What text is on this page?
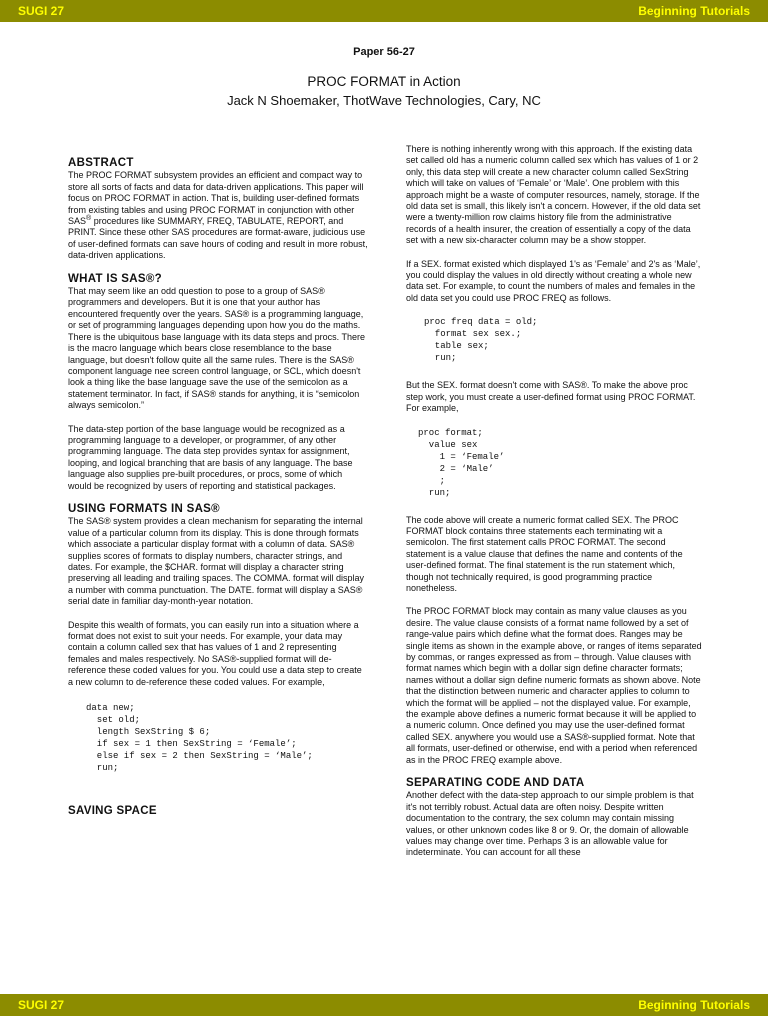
SUGI 27	Beginning Tutorials
Paper 56-27
PROC FORMAT in Action
Jack N Shoemaker, ThotWave Technologies, Cary, NC
ABSTRACT

The PROC FORMAT subsystem provides an efficient and compact way to store all sorts of facts and data for data-driven applications. This paper will focus on PROC FORMAT in action. That is, building user-defined formats from existing tables and using PROC FORMAT in conjunction with other SAS® procedures like SUMMARY, FREQ, TABULATE, REPORT, and PRINT. Since these other SAS procedures are format-aware, judicious use of user-defined formats can save hours of coding and result in more robust, data-driven applications.

WHAT IS SAS®?

That may seem like an odd question to pose to a group of SAS® programmers and developers. But it is one that your author has encountered frequently over the years. SAS® is a programming language, or set of programming languages depending upon how you do the maths. There is the ubiquitous base language with its data steps and procs. There is the macro language which bears close resemblance to the base language, but doesn't follow quite all the same rules. There is the SAS® component language nee screen control language, or SCL, which doesn't look a thing like the base language save the use of the semicolon as a statement terminator. In fact, if SAS® stands for anything, it is “semicolon always semicolon.”

The data-step portion of the base language would be recognized as a programming language to a developer, or programmer, of any other programming language. The data step provides syntax for assignment, looping, and logical branching that are basis of any language. The base language also supplies pre-built procedures, or procs, some of which would be recognized by users of reporting and statistical packages.

USING FORMATS IN SAS®

The SAS® system provides a clean mechanism for separating the internal value of a particular column from its display. This is done through formats which associate a particular display format with a column of data. SAS® supplies scores of formats to display numbers, character strings, and dates. For example, the $CHAR. format will display a character string preserving all leading and trailing spaces. The COMMA. format will display a number with comma punctuation. The DATE. format will display a SAS® serial date in familiar day-month-year notation.

Despite this wealth of formats, you can easily run into a situation where a format does not exist to suit your needs. For example, your data may contain a column called sex that has values of 1 and 2 representing females and males respectively. No SAS®-supplied format will de-reference these coded values for you. You could use a data step to create a new column to de-reference these coded values. For example,

data new;
set old;
length SexString $ 6;
if sex = 1 then SexString = ‘Female’;
else if sex = 2 then SexString = ‘Male’;
run;
SAVING SPACE

There is nothing inherently wrong with this approach. If the existing data set called old has a numeric column called sex which has values of 1 or 2 only, this data step will create a new character column called SexString which will take on values of ‘Female’ or ‘Male’. One problem with this approach might be a waste of computer resources, namely, storage. If the old data set is small, this likely isn't a concern. However, if the old data set were a twenty-million row claims history file from the administrative records of a health insurer, the creation of essentially a copy of the data set with a new six-character column may be a show stopper.

If a SEX. format existed which displayed 1's as ‘Female’ and 2's as ‘Male’, you could display the values in old directly without creating a whole new data set. For example, to count the numbers of males and females in the old data set you could use PROC FREQ as follows.

proc freq data = old;
format sex sex.;
table sex;
run;

But the SEX. format doesn't come with SAS®. To make the above proc step work, you must create a user-defined format using PROC FORMAT. For example,

proc format;
value sex
1 = ‘Female’
2 = ‘Male’
;
run;

The code above will create a numeric format called SEX. The PROC FORMAT block contains three statements each terminating wit a semicolon. The first statement calls PROC FORMAT. The second statement is a value clause that defines the name and contents of the user-defined format. The final statement is the run statement which, though not technically required, is good programming practice nonetheless.

The PROC FORMAT block may contain as many value clauses as you desire. The value clause consists of a format name followed by a set of range-value pairs which define what the format does. Ranges may be single items as shown in the example above, or ranges of items separated by commas, or ranges expressed as from – through. Value clauses with format names which begin with a dollar sign define character formats; names without a dollar sign define numeric formats as shown above. Note that the distinction between numeric and character applies to column to which the format will be applied – not the displayed value. For example, the example above defines a numeric format because it will be applied to a numeric column. Once defined you may use the user-defined format called SEX. anywhere you would use a SAS®-supplied format. Note that all formats, user-defined or otherwise, end with a period when referenced as in the PROC FREQ example above.

SEPARATING CODE AND DATA

Another defect with the data-step approach to our simple problem is that it's not terribly robust. Actual data are often noisy. Despite written documentation to the contrary, the sex column may contain missing values, or other unknown codes like 8 or 9. Or, the domain of allowable values may change over time. Perhaps 3 is an allowable value for indeterminate. You can account for all these

SUGI 27	Beginning Tutorials
